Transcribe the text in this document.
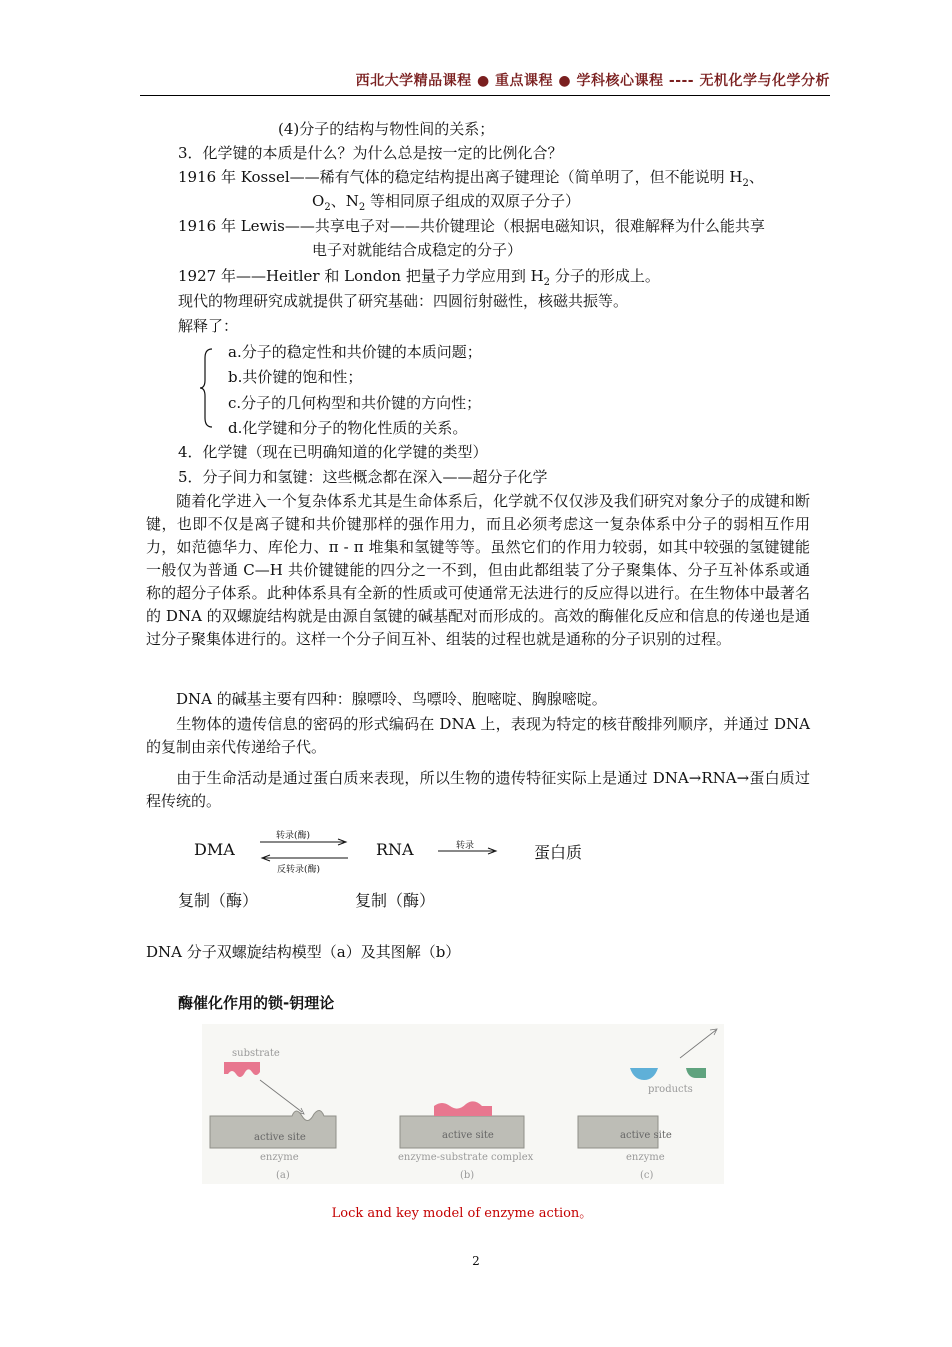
西北大学精品课程 ● 重点课程 ● 学科核心课程 ---- 无机化学与化学分析
(4)分子的结构与物性间的关系；
3．化学键的本质是什么？为什么总是按一定的比例化合？
1916 年 Kossel——稀有气体的稳定结构提出离子键理论（简单明了，但不能说明 $H_2$、
$O_2$、$N_2$ 等相同原子组成的双原子分子）
1916 年 Lewis——共享电子对——共价键理论（根据电磁知识，很难解释为什么能共享
电子对就能结合成稳定的分子）
1927 年——Heitler 和 London 把量子力学应用到 $H_2$ 分子的形成上。
现代的物理研究成就提供了研究基础：四圆衍射磁性，核磁共振等。
解释了：
a.分子的稳定性和共价键的本质问题；
b.共价键的饱和性；
c.分子的几何构型和共价键的方向性；
d.化学键和分子的物化性质的关系。
4．化学键（现在已明确知道的化学键的类型）
5．分子间力和氢键：这些概念都在深入——超分子化学
随着化学进入一个复杂体系尤其是生命体系后，化学就不仅仅涉及我们研究对象分子的成键和断键，也即不仅是离子键和共价键那样的强作用力，而且必须考虑这一复杂体系中分子的弱相互作用力，如范德华力、库伦力、π - π 堆集和氢键等等。虽然它们的作用力较弱，如其中较强的氢键键能一般仅为普通 C—H 共价键键能的四分之一不到，但由此都组装了分子聚集体、分子互补体系或通称的超分子体系。此种体系具有全新的性质或可使通常无法进行的反应得以进行。在生物体中最著名的 DNA 的双螺旋结构就是由源自氢键的碱基配对而形成的。高效的酶催化反应和信息的传递也是通过分子聚集体进行的。这样一个分子间互补、组装的过程也就是通称的分子识别的过程。
DNA 的碱基主要有四种：腺嘌呤、鸟嘌呤、胞嘧啶、胸腺嘧啶。
生物体的遗传信息的密码的形式编码在 DNA 上，表现为特定的核苷酸排列顺序，并通过 DNA 的复制由亲代传递给子代。
由于生命活动是通过蛋白质来表现，所以生物的遗传特征实际上是通过 DNA→RNA→蛋白质过程传统的。
DMA
转录(酶)
反转录(酶)
RNA	转录	蛋白质
复制（酶）	复制（酶）
DNA 分子双螺旋结构模型（a）及其图解（b）
酶催化作用的锁-钥理论
substrate
products
active site	active site	active site
enzyme	enzyme-substrate complex	enzyme
(a)	(b)	(c)
Lock and key model of enzyme action。
2
